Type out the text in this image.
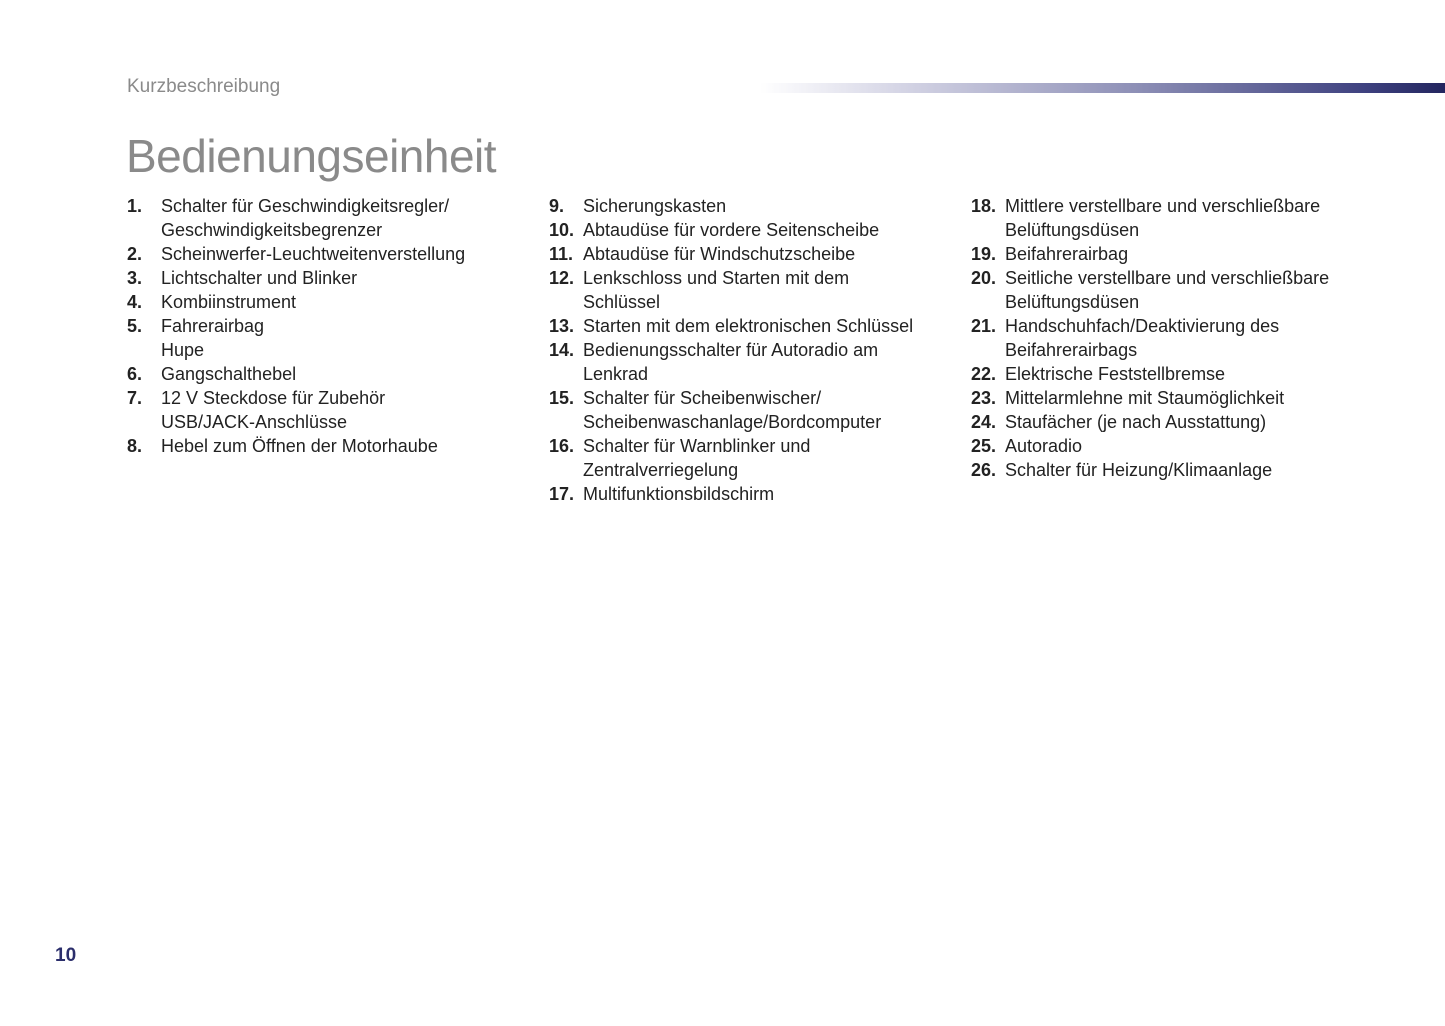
Kurzbeschreibung
Bedienungseinheit
1.	Schalter für Geschwindigkeitsregler/
Geschwindigkeitsbegrenzer
2.	Scheinwerfer-Leuchtweitenverstellung
3.	Lichtschalter und Blinker
4.	Kombiinstrument
5.	Fahrerairbag
Hupe
6.	Gangschalthebel
7.	12 V Steckdose für Zubehör
USB/JACK-Anschlüsse
8.	Hebel zum Öffnen der Motorhaube
9.	Sicherungskasten
10. Abtaudüse für vordere Seitenscheibe
11. Abtaudüse für Windschutzscheibe
12. Lenkschloss und Starten mit dem
Schlüssel
13. Starten mit dem elektronischen Schlüssel
14. Bedienungsschalter für Autoradio am
Lenkrad
15. Schalter für Scheibenwischer/
Scheibenwaschanlage/Bordcomputer
16. Schalter für Warnblinker und
Zentralverriegelung
17. Multifunktionsbildschirm
18. Mittlere verstellbare und verschließbare
Belüftungsdüsen
19. Beifahrerairbag
20. Seitliche verstellbare und verschließbare
Belüftungsdüsen
21. Handschuhfach/Deaktivierung des
Beifahrerairbags
22. Elektrische Feststellbremse
23. Mittelarmlehne mit Staumöglichkeit
24. Staufächer (je nach Ausstattung)
25. Autoradio
26. Schalter für Heizung/Klimaanlage
10
